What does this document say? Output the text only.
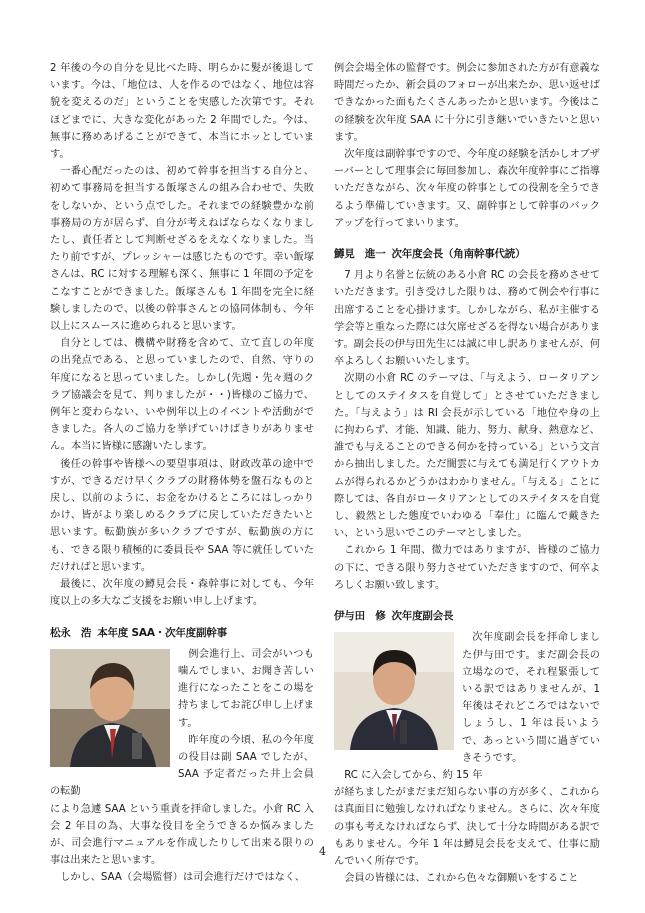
2 年後の今の自分を見比べた時、明らかに髪が後退しています。今は、「地位は、人を作るのではなく、地位は容貌を変えるのだ」ということを実感した次第です。それほどまでに、大きな変化があった 2 年間でした。今は、無事に務めあげることができて、本当にホッとしています。

一番心配だったのは、初めて幹事を担当する自分と、初めて事務局を担当する飯塚さんの組み合わせで、失敗をしないか、という点でした。それまでの経験豊かな前事務局の方が居らず、自分が考えねばならなくなりましたし、責任者として判断せざるをえなくなりました。当たり前ですが、プレッシャーは感じたものです。幸い飯塚さんは、RC に対する理解も深く、無事に 1 年間の予定をこなすことができました。飯塚さんも 1 年間を完全に経験しましたので、以後の幹事さんとの協同体制も、今年以上にスムースに進められると思います。

自分としては、機構や財務を含めて、立て直しの年度の出発点である、と思っていましたので、自然、守りの年度になると思っていました。しかし(先週・先々週のクラブ協議会を見て、判りましたが・・)皆様のご協力で、例年と変わらない、いや例年以上のイベントや活動ができました。各人のご協力を挙げていけばきりがありません。本当に皆様に感謝いたします。

後任の幹事や皆様への要望事項は、財政改革の途中ですが、できるだけ早くクラブの財務体勢を盤石なものと戻し、以前のように、お金をかけるところにはしっかりかけ、皆がより楽しめるクラブに戻していただきたいと思います。転勤族が多いクラブですが、転勤族の方にも、できる限り積極的に委員長や SAA 等に就任していただければと思います。

最後に、次年度の鱒見会長・森幹事に対しても、今年度以上の多大なご支援をお願い申し上げます。

松永　浩 本年度 SAA・次年度副幹事

例会進行上、司会がいつも噛んでしまい、お聞き苦しい進行になったことをこの場を持ちましてお詫び申し上げます。

昨年度の今頃、私の今年度の役目は副 SAA でしたが、SAA 予定者だった井上会員の転勤

により急遽 SAA という重責を拝命しました。小倉 RC 入会 2 年目の為、大事な役目を全うできるか悩みましたが、司会進行マニュアルを作成したりして出来る限りの事は出来たと思います。

しかし、SAA（会場監督）は司会進行だけではなく、

例会会場全体の監督です。例会に参加された方が有意義な時間だったか、新会員のフォローが出来たか、思い返せばできなかった面もたくさんあったかと思います。今後はこの経験を次年度 SAA に十分に引き継いでいきたいと思います。

次年度は副幹事ですので、今年度の経験を活かしオブザーバーとして理事会に毎回参加し、森次年度幹事にご指導いただきながら、次々年度の幹事としての役割を全うできるよう準備していきます。又、副幹事として幹事のバックアップを行ってまいります。

鱒見　進一 次年度会長（角南幹事代読）

7 月より名誉と伝統のある小倉 RC の会長を務めさせていただきます。引き受けした限りは、務めて例会や行事に出席することを心掛けます。しかしながら、私が主催する学会等と重なった際には欠席せざるを得ない場合があります。副会長の伊与田先生には誠に申し訳ありませんが、何卒よろしくお願いいたします。

次期の小倉 RC のテーマは、「与えよう、ロータリアンとしてのステイタスを自覚して」とさせていただきました。「与えよう」は RI 会長が示している「地位や身の上に拘わらず、才能、知識、能力、努力、献身、熱意など、誰でも与えることのできる何かを持っている」という文言から抽出しました。ただ闇雲に与えても満足行くアウトカムが得られるかどうかはわかりません。「与える」ことに際しては、各自がロータリアンとしてのステイタスを自覚し、毅然とした態度でいわゆる「奉仕」に臨んで戴きたい、という思いでこのテーマとしました。

これから 1 年間、微力ではありますが、皆様のご協力の下に、できる限り努力させていただきますので、何卒よろしくお願い致します。

伊与田　修 次年度副会長

次年度副会長を拝命しました伊与田です。まだ副会長の立場なので、それ程緊張している訳ではありませんが、1 年後はそれどころではないでしょうし、1 年は長いようで、あっという間に過ぎていきそうです。

RC に入会してから、約 15 年

が経ちましたがまだまだ知らない事の方が多く、これからは真面目に勉強しなければなりません。さらに、次々年度の事も考えなければならず、決して十分な時間がある訳でもありません。今年 1 年は鱒見会長を支えて、仕事に励んでいく所存です。

会員の皆様には、これから色々な御願いをすること

4
